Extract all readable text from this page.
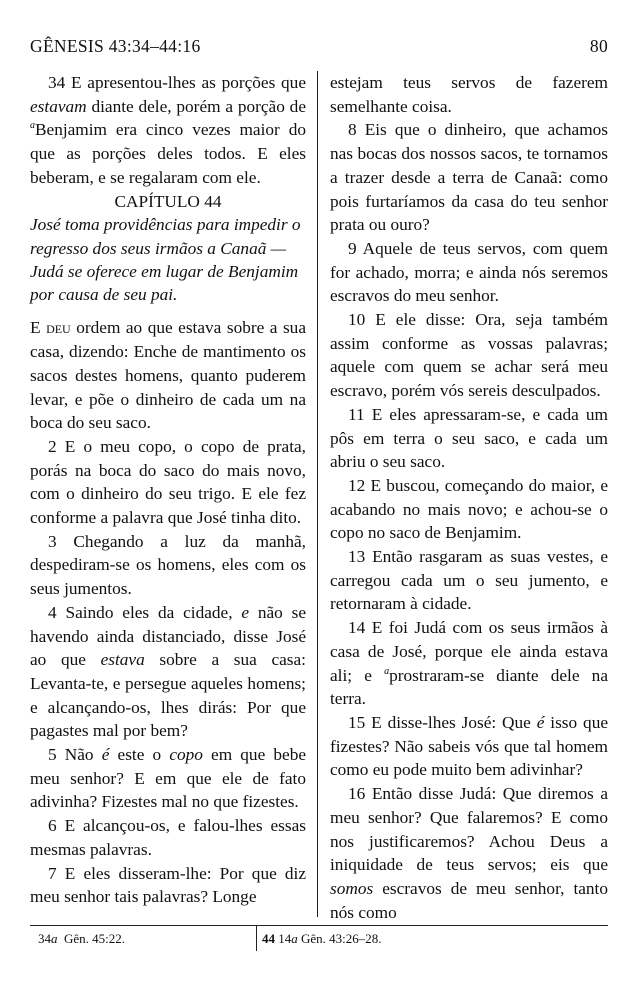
GÊNESIS 43:34–44:16	80

34 E apresentou-lhes as porções que estavam diante dele, porém a porção de $^a$Benjamim era cinco vezes maior do que as porções deles todos. E eles beberam, e se regalaram com ele.

CAPÍTULO 44

José toma providências para impedir o regresso dos seus irmãos a Canaã — Judá se oferece em lugar de Benjamim por causa de seu pai.

E deu ordem ao que estava sobre a sua casa, dizendo: Enche de mantimento os sacos destes homens, quanto puderem levar, e põe o dinheiro de cada um na boca do seu saco.

2 E o meu copo, o copo de prata, porás na boca do saco do mais novo, com o dinheiro do seu trigo. E ele fez conforme a palavra que José tinha dito.

3 Chegando a luz da manhã, despediram-se os homens, eles com os seus jumentos.

4 Saindo eles da cidade, e não se havendo ainda distanciado, disse José ao que estava sobre a sua casa: Levanta-te, e persegue aqueles homens; e alcançando-os, lhes dirás: Por que pagastes mal por bem?

5 Não é este o copo em que bebe meu senhor? E em que ele de fato adivinha? Fizestes mal no que fizestes.

6 E alcançou-os, e falou-lhes essas mesmas palavras.

7 E eles disseram-lhe: Por que diz meu senhor tais palavras? Longe

estejam teus servos de fazerem semelhante coisa.

8 Eis que o dinheiro, que achamos nas bocas dos nossos sacos, te tornamos a trazer desde a terra de Canaã: como pois furtaríamos da casa do teu senhor prata ou ouro?

9 Aquele de teus servos, com quem for achado, morra; e ainda nós seremos escravos do meu senhor.

10 E ele disse: Ora, seja também assim conforme as vossas palavras; aquele com quem se achar será meu escravo, porém vós sereis desculpados.

11 E eles apressaram-se, e cada um pôs em terra o seu saco, e cada um abriu o seu saco.

12 E buscou, começando do maior, e acabando no mais novo; e achou-se o copo no saco de Benjamim.

13 Então rasgaram as suas vestes, e carregou cada um o seu jumento, e retornaram à cidade.

14 E foi Judá com os seus irmãos à casa de José, porque ele ainda estava ali; e $^a$prostraram-se diante dele na terra.

15 E disse-lhes José: Que é isso que fizestes? Não sabeis vós que tal homem como eu pode muito bem adivinhar?

16 Então disse Judá: Que diremos a meu senhor? Que falaremos? E como nos justificaremos? Achou Deus a iniquidade de teus servos; eis que somos escravos de meu senhor, tanto nós como

34a Gên. 45:22.	44 14a Gên. 43:26–28.
